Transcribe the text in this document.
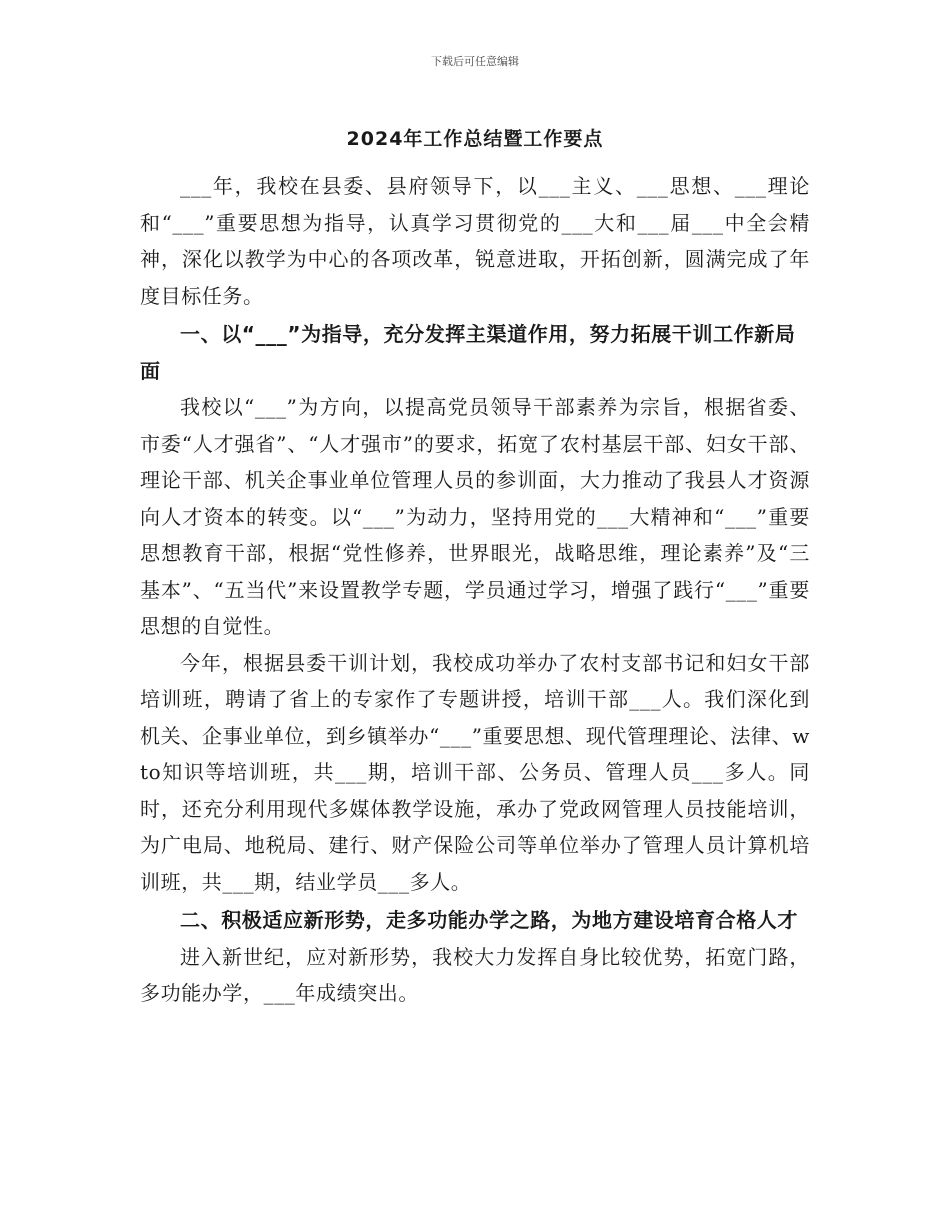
下载后可任意编辑
2024年工作总结暨工作要点

___年，我校在县委、县府领导下，以___主义、___思想、___理论和“___”重要思想为指导，认真学习贯彻党的___大和___届___中全会精神，深化以教学为中心的各项改革，锐意进取，开拓创新，圆满完成了年度目标任务。

一、以“___”为指导，充分发挥主渠道作用，努力拓展干训工作新局面

我校以“___”为方向，以提高党员领导干部素养为宗旨，根据省委、市委“人才强省”、“人才强市”的要求，拓宽了农村基层干部、妇女干部、理论干部、机关企事业单位管理人员的参训面，大力推动了我县人才资源向人才资本的转变。以“___”为动力，坚持用党的___大精神和“___”重要思想教育干部，根据“党性修养，世界眼光，战略思维，理论素养”及“三基本”、“五当代”来设置教学专题，学员通过学习，增强了践行“___”重要思想的自觉性。

今年，根据县委干训计划，我校成功举办了农村支部书记和妇女干部培训班，聘请了省上的专家作了专题讲授，培训干部___人。我们深化到机关、企事业单位，到乡镇举办“___”重要思想、现代管理理论、法律、wto知识等培训班，共___期，培训干部、公务员、管理人员___多人。同时，还充分利用现代多媒体教学设施，承办了党政网管理人员技能培训，为广电局、地税局、建行、财产保险公司等单位举办了管理人员计算机培训班，共___期，结业学员___多人。

二、积极适应新形势，走多功能办学之路，为地方建设培育合格人才

进入新世纪，应对新形势，我校大力发挥自身比较优势，拓宽门路，多功能办学，___年成绩突出。
